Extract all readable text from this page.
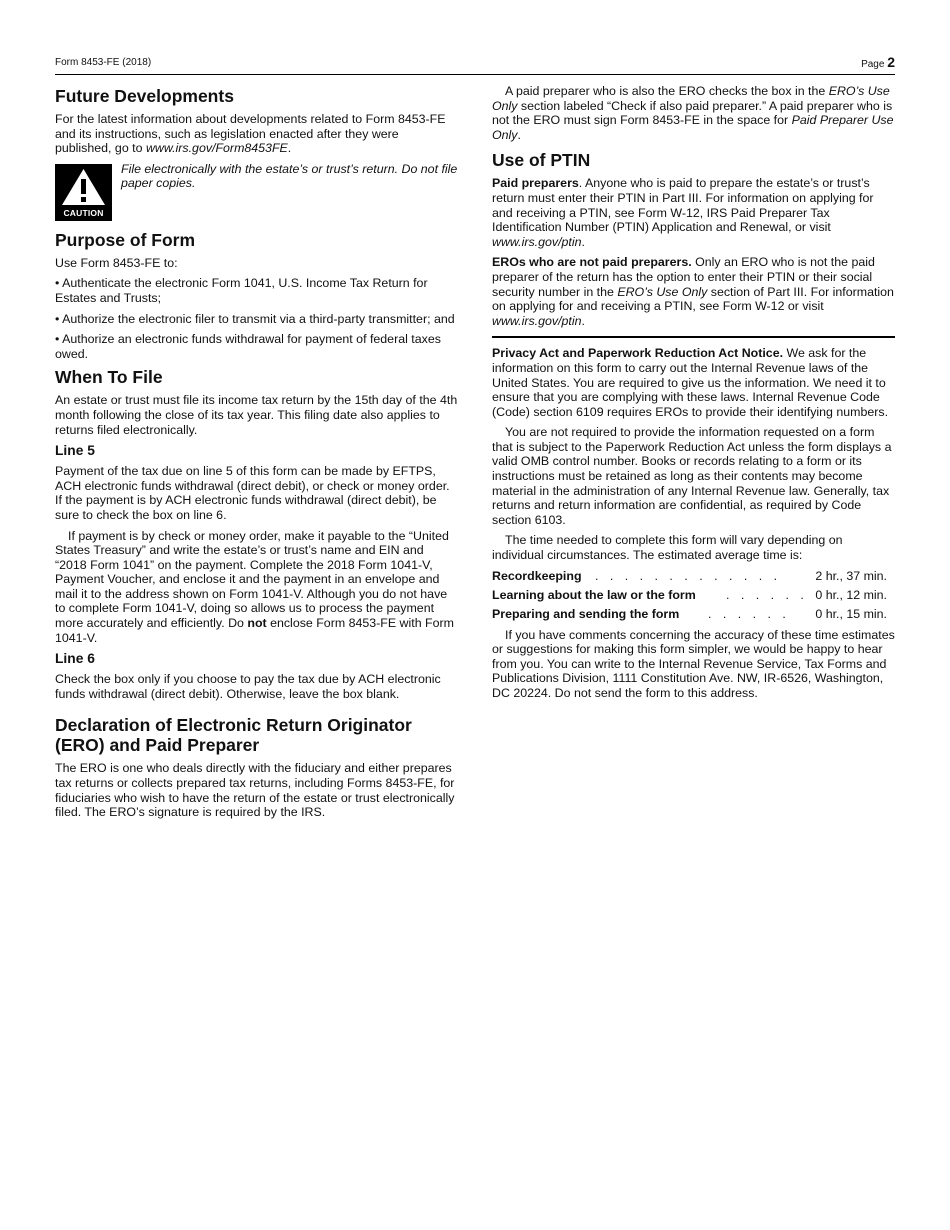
Form 8453-FE (2018)	Page 2
Future Developments

For the latest information about developments related to Form 8453-FE and its instructions, such as legislation enacted after they were published, go to www.irs.gov/Form8453FE.

CAUTION
File electronically with the estate’s or trust’s return. Do not file paper copies.
Purpose of Form

Use Form 8453-FE to:

• Authenticate the electronic Form 1041, U.S. Income Tax Return for Estates and Trusts;

• Authorize the electronic filer to transmit via a third-party transmitter; and

• Authorize an electronic funds withdrawal for payment of federal taxes owed.

When To File

An estate or trust must file its income tax return by the 15th day of the 4th month following the close of its tax year. This filing date also applies to returns filed electronically.

Line 5

Payment of the tax due on line 5 of this form can be made by EFTPS, ACH electronic funds withdrawal (direct debit), or check or money order. If the payment is by ACH electronic funds withdrawal (direct debit), be sure to check the box on line 6.

If payment is by check or money order, make it payable to the “United States Treasury” and write the estate’s or trust’s name and EIN and “2018 Form 1041” on the payment. Complete the 2018 Form 1041-V, Payment Voucher, and enclose it and the payment in an envelope and mail it to the address shown on Form 1041-V. Although you do not have to complete Form 1041-V, doing so allows us to process the payment more accurately and efficiently. Do not enclose Form 8453-FE with Form 1041-V.

Line 6

Check the box only if you choose to pay the tax due by ACH electronic funds withdrawal (direct debit). Otherwise, leave the box blank.

Declaration of Electronic Return Originator
(ERO) and Paid Preparer

The ERO is one who deals directly with the fiduciary and either prepares tax returns or collects prepared tax returns, including Forms 8453-FE, for fiduciaries who wish to have the return of the estate or trust electronically filed. The ERO’s signature is required by the IRS.

A paid preparer who is also the ERO checks the box in the ERO’s Use Only section labeled “Check if also paid preparer.” A paid preparer who is not the ERO must sign Form 8453-FE in the space for Paid Preparer Use Only.

Use of PTIN

Paid preparers. Anyone who is paid to prepare the estate’s or trust’s return must enter their PTIN in Part III. For information on applying for and receiving a PTIN, see Form W-12, IRS Paid Preparer Tax Identification Number (PTIN) Application and Renewal, or visit www.irs.gov/ptin.

EROs who are not paid preparers. Only an ERO who is not the paid preparer of the return has the option to enter their PTIN or their social security number in the ERO’s Use Only section of Part III. For information on applying for and receiving a PTIN, see Form W-12 or visit www.irs.gov/ptin.

Privacy Act and Paperwork Reduction Act Notice. We ask for the information on this form to carry out the Internal Revenue laws of the United States. You are required to give us the information. We need it to ensure that you are complying with these laws. Internal Revenue Code (Code) section 6109 requires EROs to provide their identifying numbers.

You are not required to provide the information requested on a form that is subject to the Paperwork Reduction Act unless the form displays a valid OMB control number. Books or records relating to a form or its instructions must be retained as long as their contents may become material in the administration of any Internal Revenue law. Generally, tax returns and return information are confidential, as required by Code section 6103.

The time needed to complete this form will vary depending on individual circumstances. The estimated average time is:

Recordkeeping . . . . . . . . . . . . .	2 hr., 37 min.
Learning about the law or the form . . . . . . 0 hr., 12 min.
Preparing and sending the form . . . . . . 0 hr., 15 min.

If you have comments concerning the accuracy of these time estimates or suggestions for making this form simpler, we would be happy to hear from you. You can write to the Internal Revenue Service, Tax Forms and Publications Division, 1111 Constitution Ave. NW, IR-6526, Washington, DC 20224. Do not send the form to this address.
